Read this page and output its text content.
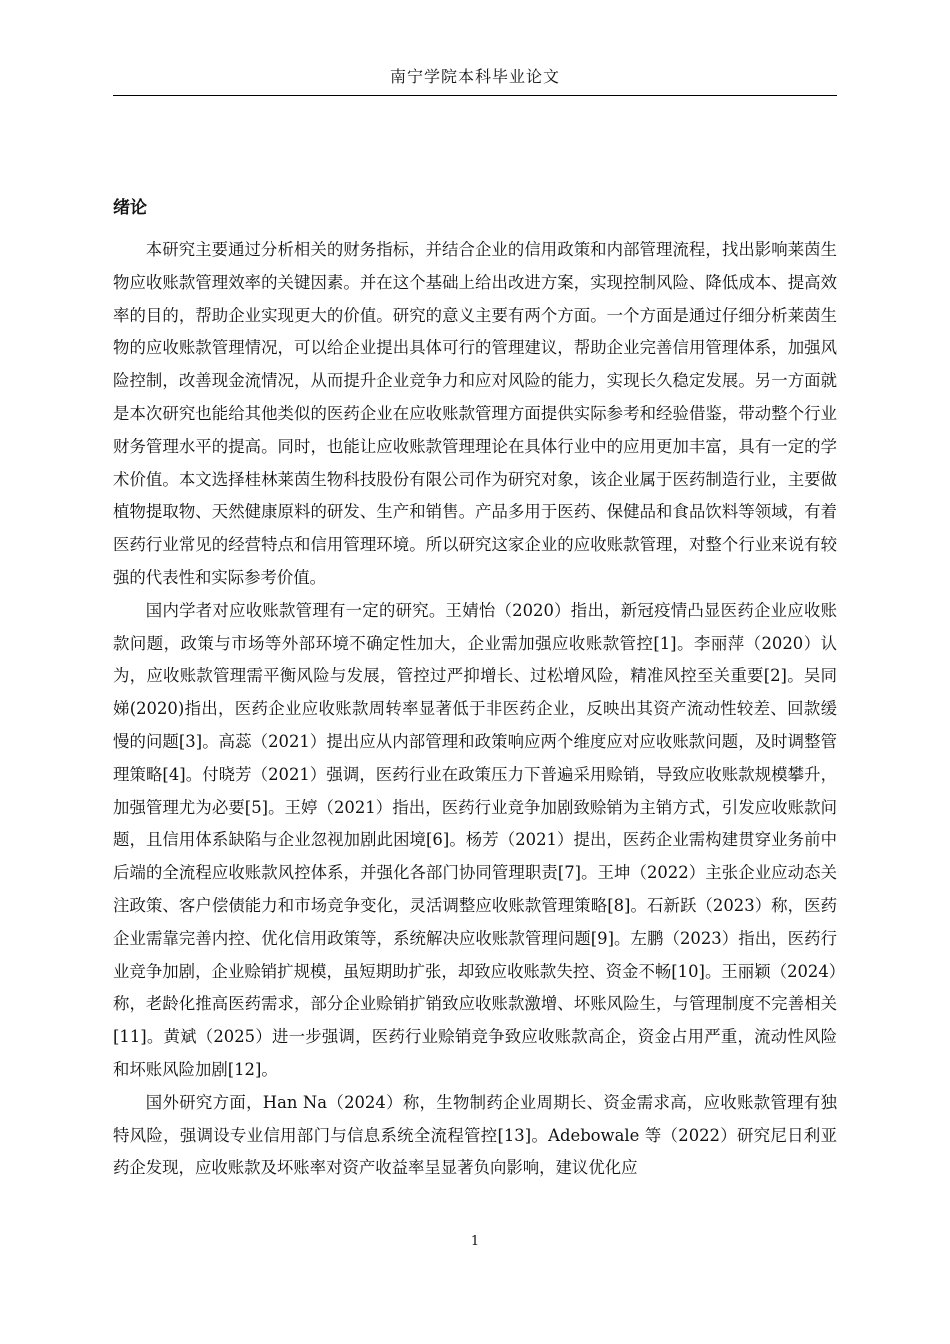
南宁学院本科毕业论文
绪论

本研究主要通过分析相关的财务指标，并结合企业的信用政策和内部管理流程，找出影响莱茵生物应收账款管理效率的关键因素。并在这个基础上给出改进方案，实现控制风险、降低成本、提高效率的目的，帮助企业实现更大的价值。研究的意义主要有两个方面。一个方面是通过仔细分析莱茵生物的应收账款管理情况，可以给企业提出具体可行的管理建议，帮助企业完善信用管理体系，加强风险控制，改善现金流情况，从而提升企业竞争力和应对风险的能力，实现长久稳定发展。另一方面就是本次研究也能给其他类似的医药企业在应收账款管理方面提供实际参考和经验借鉴，带动整个行业财务管理水平的提高。同时，也能让应收账款管理理论在具体行业中的应用更加丰富，具有一定的学术价值。本文选择桂林莱茵生物科技股份有限公司作为研究对象，该企业属于医药制造行业，主要做植物提取物、天然健康原料的研发、生产和销售。产品多用于医药、保健品和食品饮料等领域，有着医药行业常见的经营特点和信用管理环境。所以研究这家企业的应收账款管理，对整个行业来说有较强的代表性和实际参考价值。

国内学者对应收账款管理有一定的研究。王婧怡（2020）指出，新冠疫情凸显医药企业应收账款问题，政策与市场等外部环境不确定性加大，企业需加强应收账款管控[1]。李丽萍（2020）认为，应收账款管理需平衡风险与发展，管控过严抑增长、过松增风险，精准风控至关重要[2]。吴同娣(2020)指出，医药企业应收账款周转率显著低于非医药企业，反映出其资产流动性较差、回款缓慢的问题[3]。高蕊（2021）提出应从内部管理和政策响应两个维度应对应收账款问题，及时调整管理策略[4]。付晓芳（2021）强调，医药行业在政策压力下普遍采用赊销，导致应收账款规模攀升，加强管理尤为必要[5]。王婷（2021）指出，医药行业竞争加剧致赊销为主销方式，引发应收账款问题，且信用体系缺陷与企业忽视加剧此困境[6]。杨芳（2021）提出，医药企业需构建贯穿业务前中后端的全流程应收账款风控体系，并强化各部门协同管理职责[7]。王坤（2022）主张企业应动态关注政策、客户偿债能力和市场竞争变化，灵活调整应收账款管理策略[8]。石新跃（2023）称，医药企业需靠完善内控、优化信用政策等，系统解决应收账款管理问题[9]。左鹏（2023）指出，医药行业竞争加剧，企业赊销扩规模，虽短期助扩张，却致应收账款失控、资金不畅[10]。王丽颖（2024）称，老龄化推高医药需求，部分企业赊销扩销致应收账款激增、坏账风险生，与管理制度不完善相关[11]。黄斌（2025）进一步强调，医药行业赊销竞争致应收账款高企，资金占用严重，流动性风险和坏账风险加剧[12]。

国外研究方面，Han Na（2024）称，生物制药企业周期长、资金需求高，应收账款管理有独特风险，强调设专业信用部门与信息系统全流程管控[13]。Adebowale 等（2022）研究尼日利亚药企发现，应收账款及坏账率对资产收益率呈显著负向影响，建议优化应

1
